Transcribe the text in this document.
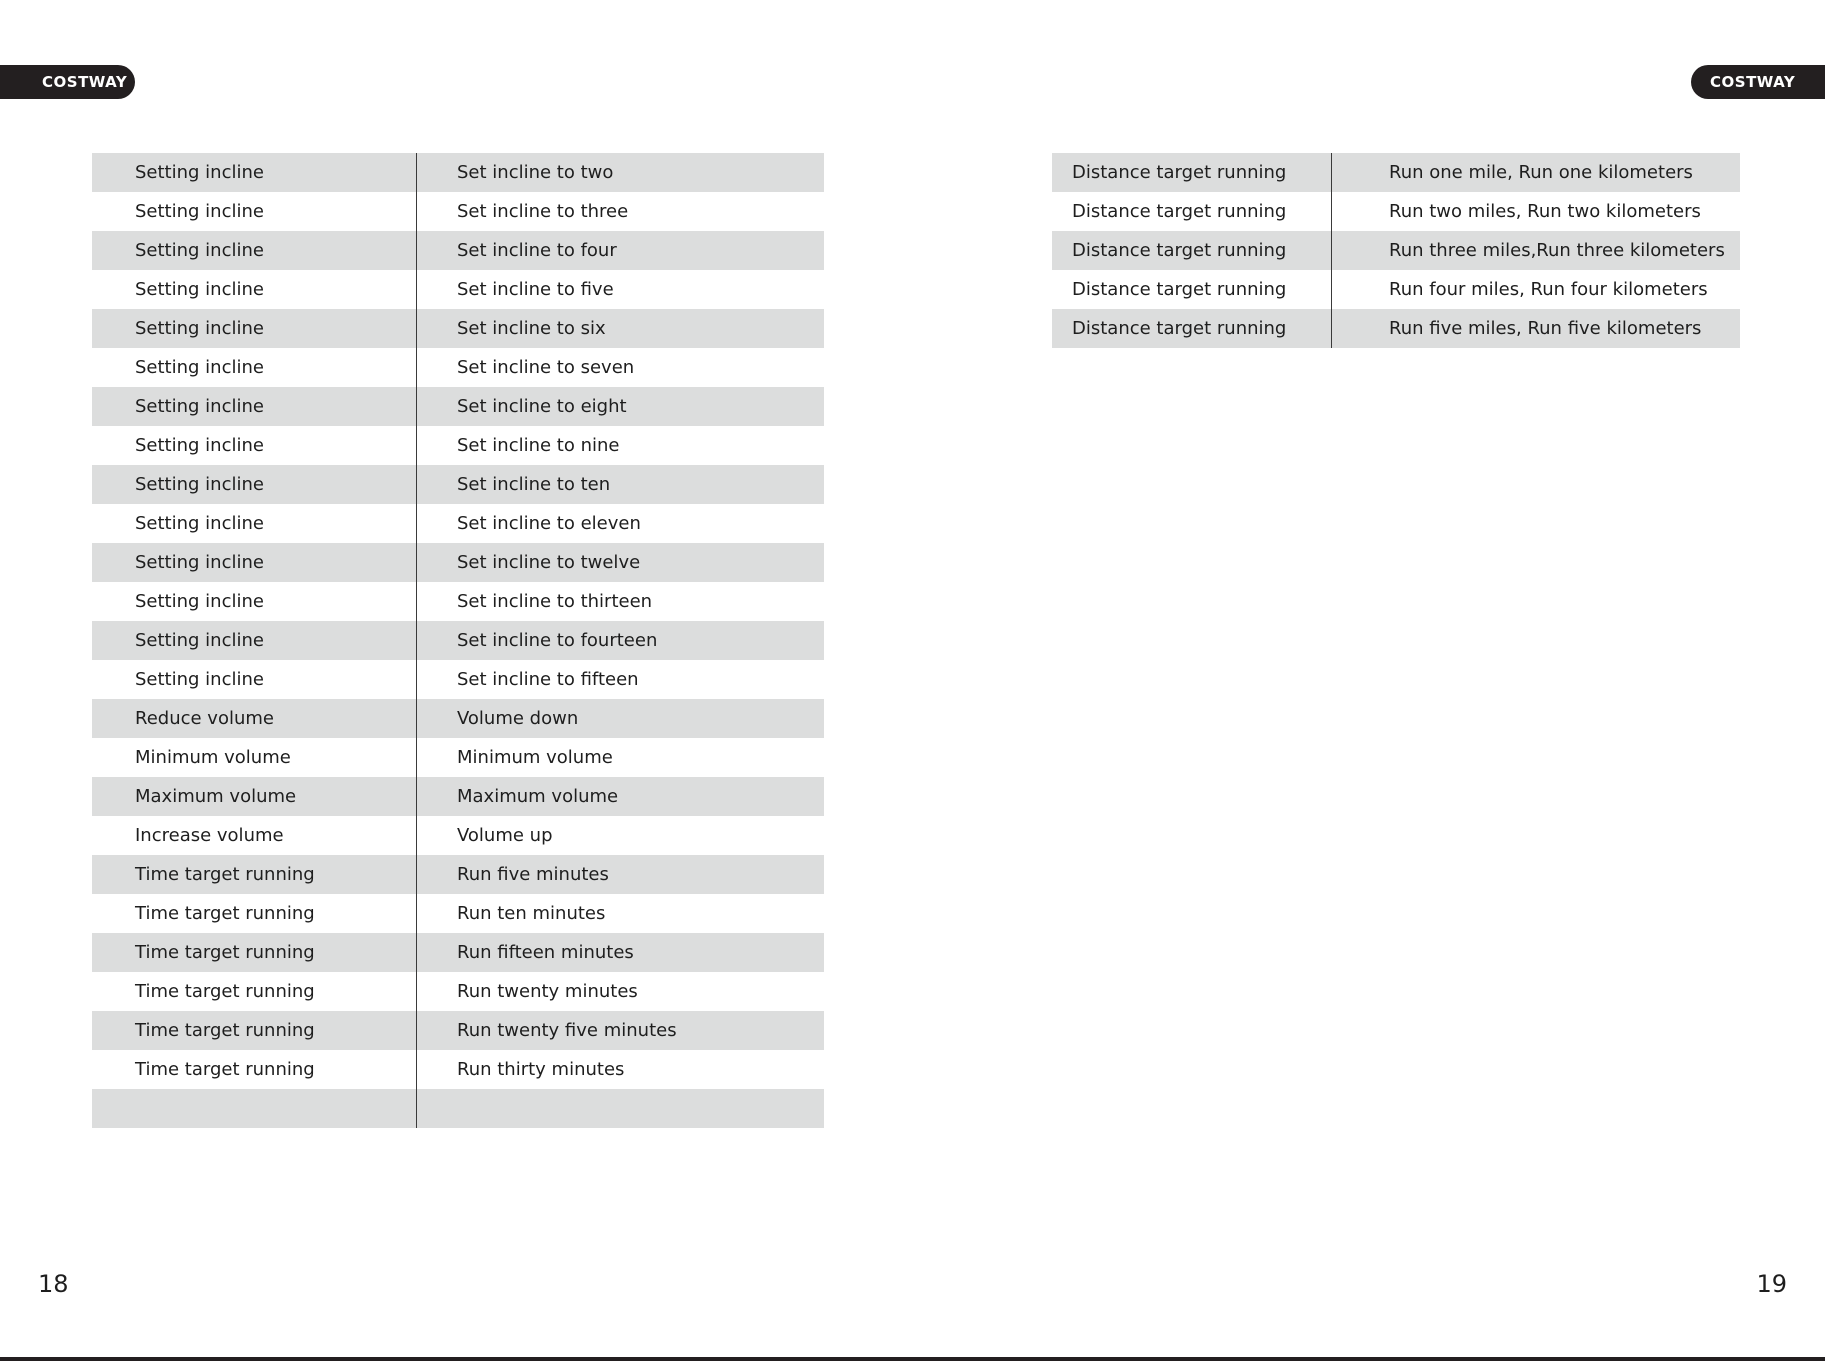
COSTWAY	COSTWAY
Setting incline	Set incline to two
Setting incline	Set incline to three
Setting incline	Set incline to four
Setting incline	Set incline to five
Setting incline	Set incline to six
Setting incline	Set incline to seven
Setting incline	Set incline to eight
Setting incline	Set incline to nine
Setting incline	Set incline to ten
Setting incline	Set incline to eleven
Setting incline	Set incline to twelve
Setting incline	Set incline to thirteen
Setting incline	Set incline to fourteen
Setting incline	Set incline to fifteen
Reduce volume	Volume down
Minimum volume	Minimum volume
Maximum volume	Maximum volume
Increase volume	Volume up
Time target running	Run five minutes
Time target running	Run ten minutes
Time target running	Run fifteen minutes
Time target running	Run twenty minutes
Time target running	Run twenty five minutes
Time target running	Run thirty minutes
Distance target running	Run one mile, Run one kilometers
Distance target running	Run two miles, Run two kilometers
Distance target running	Run three miles,Run three kilometers
Distance target running	Run four miles, Run four kilometers
Distance target running	Run five miles, Run five kilometers
18	19
